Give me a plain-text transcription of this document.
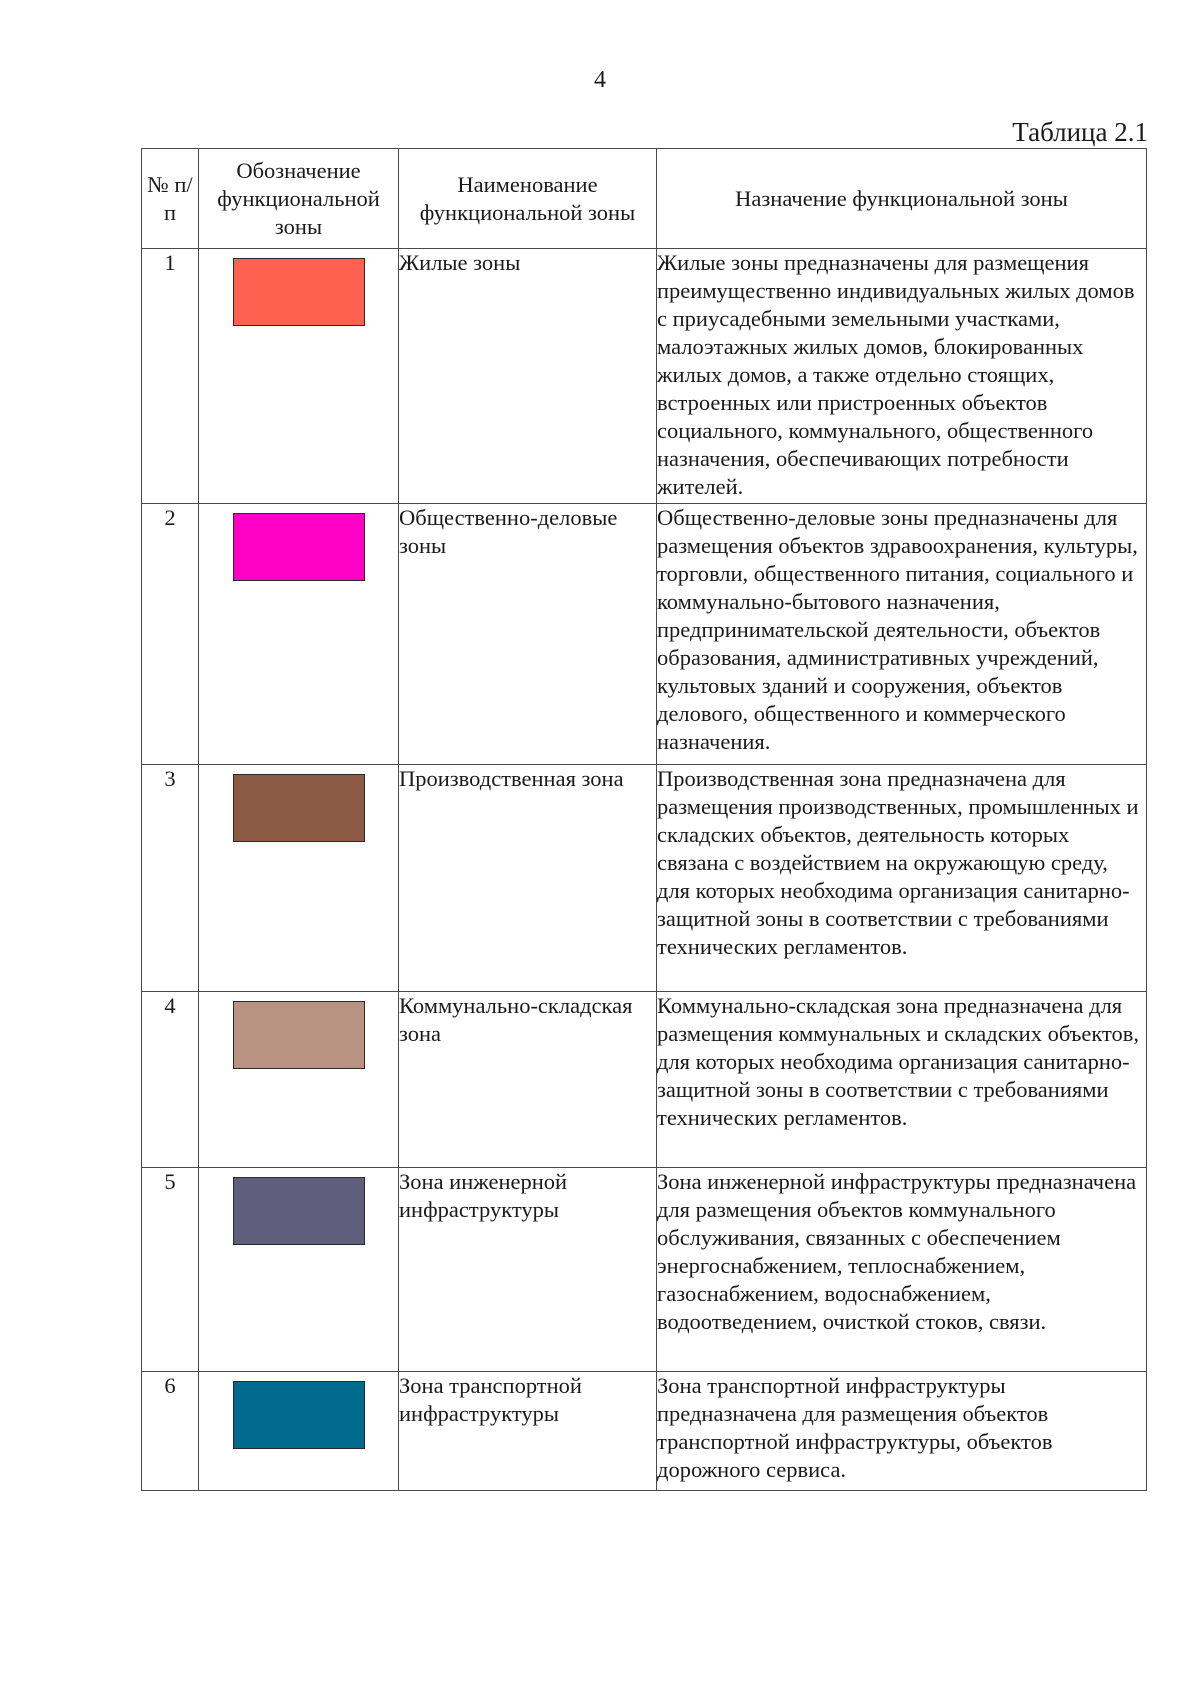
4
Таблица 2.1
№ п/п	Обозначение функциональной зоны	Наименование функциональной зоны	Назначение функциональной зоны
1		Жилые зоны	Жилые зоны предназначены для размещения преимущественно индивидуальных жилых домов с приусадебными земельными участками, малоэтажных жилых домов, блокированных жилых домов, а также отдельно стоящих, встроенных или пристроенных объектов социального, коммунального, общественного назначения, обеспечивающих потребности жителей.
2		Общественно-деловые зоны	Общественно-деловые зоны предназначены для размещения объектов здравоохранения, культуры, торговли, общественного питания, социального и коммунально-бытового назначения, предпринимательской деятельности, объектов образования, административных учреждений, культовых зданий и сооружения, объектов делового, общественного и коммерческого назначения.
3		Производственная зона	Производственная зона предназначена для размещения производственных, промышленных и складских объектов, деятельность которых связана с воздействием на окружающую среду, для которых необходима организация санитарно-защитной зоны в соответствии с требованиями технических регламентов.
4		Коммунально-складская зона	Коммунально-складская зона предназначена для размещения коммунальных и складских объектов, для которых необходима организация санитарно-защитной зоны в соответствии с требованиями технических регламентов.
5		Зона инженерной инфраструктуры	Зона инженерной инфраструктуры предназначена для размещения объектов коммунального обслуживания, связанных с обеспечением энергоснабжением, теплоснабжением, газоснабжением, водоснабжением, водоотведением, очисткой стоков, связи.
6		Зона транспортной инфраструктуры	Зона транспортной инфраструктуры предназначена для размещения объектов транспортной инфраструктуры, объектов дорожного сервиса.
